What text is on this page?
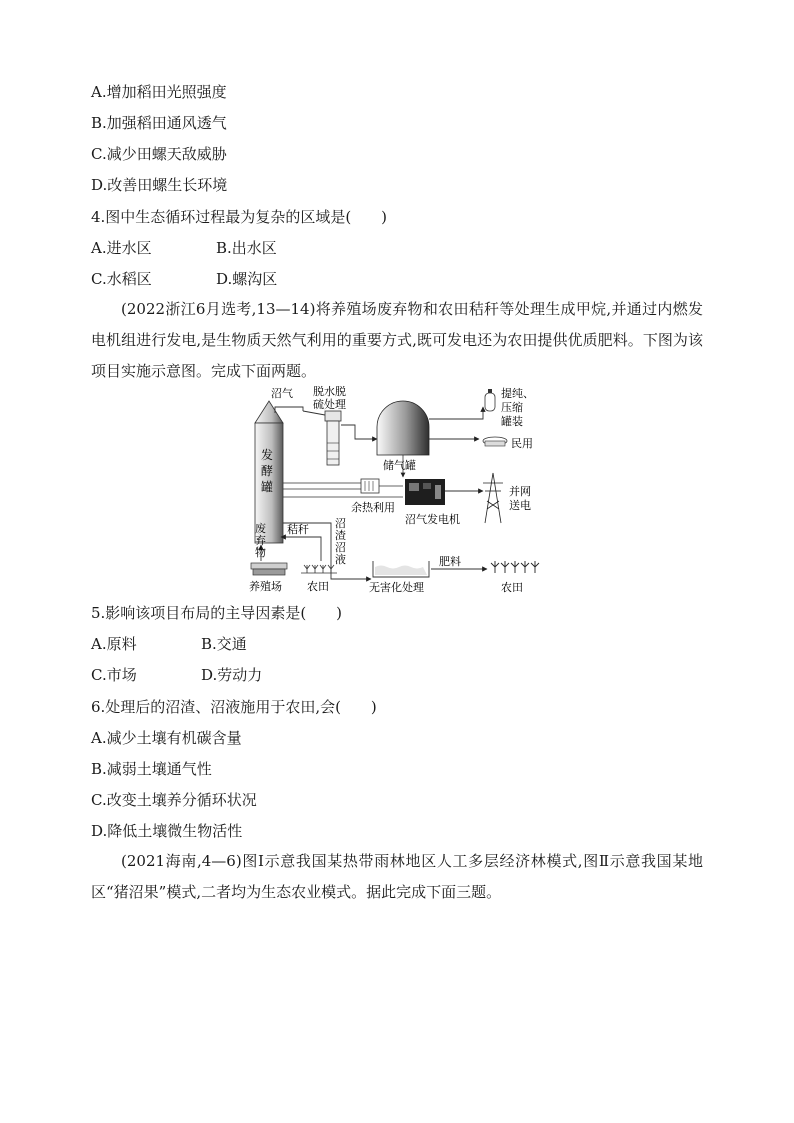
A.增加稻田光照强度
B.加强稻田通风透气
C.减少田螺天敌威胁
D.改善田螺生长环境
4.图中生态循环过程最为复杂的区域是(　　)
A.进水区	B.出水区
C.水稻区	D.螺沟区
(2022浙江6月选考,13—14)将养殖场废弃物和农田秸秆等处理生成甲烷,并通过内燃发电机组进行发电,是生物质天然气利用的重要方式,既可发电还为农田提供优质肥料。下图为该项目实施示意图。完成下面两题。
发
酵
罐
沼气 脱水脱
硫处理
储气罐
提纯、
压缩
罐装
民用
余热利用
沼气发电机
并网
送电
废
弃
物
秸秆 沼
渣
沼
液
养殖场 农田	无害化处理
肥料
农田
5.影响该项目布局的主导因素是(　　)
A.原料	B.交通
C.市场	D.劳动力
6.处理后的沼渣、沼液施用于农田,会(　　)
A.减少土壤有机碳含量
B.减弱土壤通气性
C.改变土壤养分循环状况
D.降低土壤微生物活性
(2021海南,4—6)图Ⅰ示意我国某热带雨林地区人工多层经济林模式,图Ⅱ示意我国某地区“猪沼果”模式,二者均为生态农业模式。据此完成下面三题。
